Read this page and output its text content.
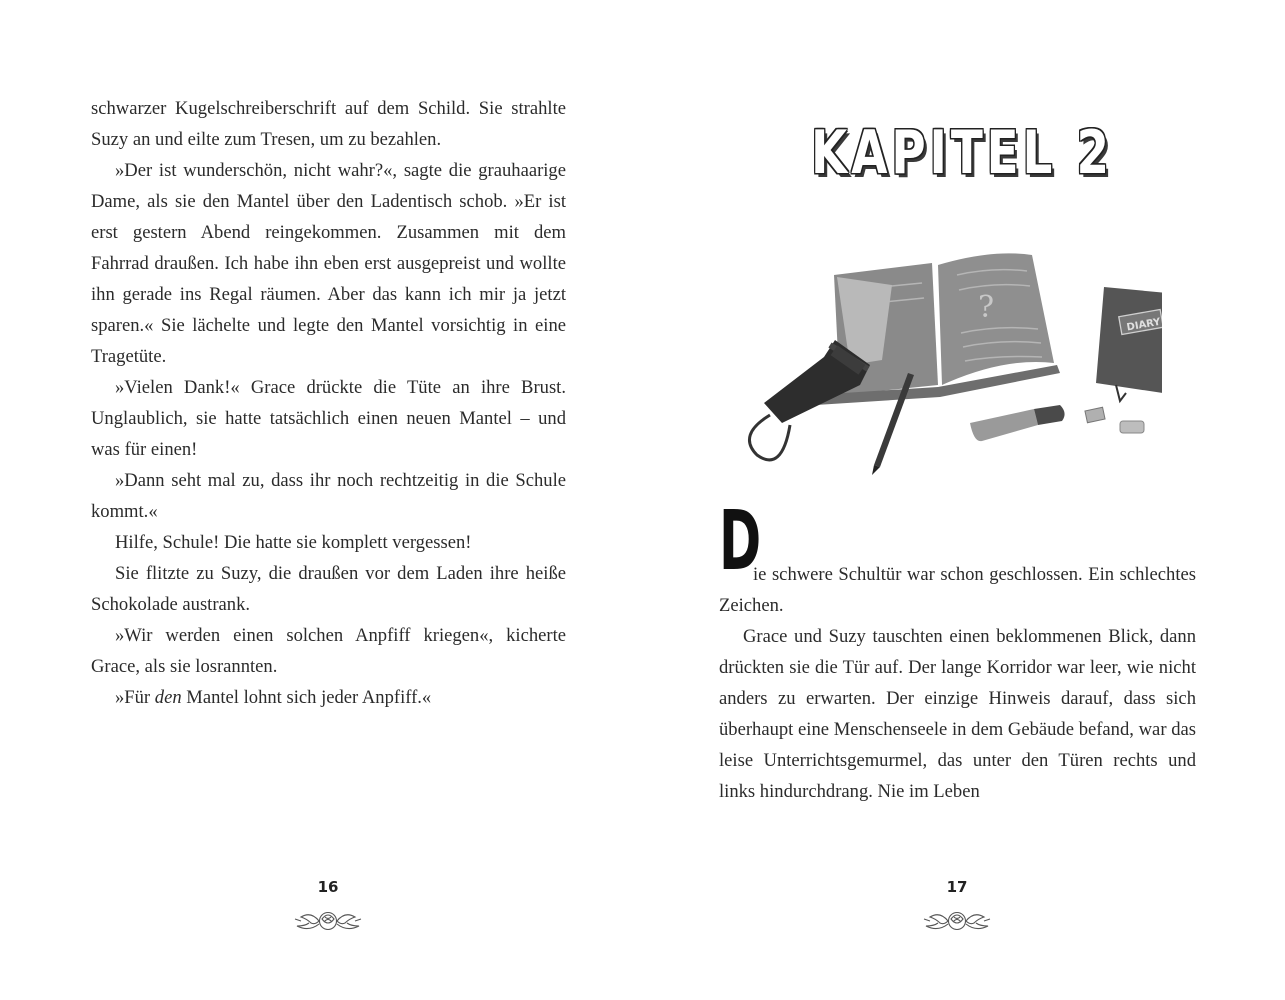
schwarzer Kugelschreiberschrift auf dem Schild. Sie strahlte Suzy an und eilte zum Tresen, um zu bezahlen.

»Der ist wunderschön, nicht wahr?«, sagte die grauhaarige Dame, als sie den Mantel über den Ladentisch schob. »Er ist erst gestern Abend reingekommen. Zusammen mit dem Fahrrad draußen. Ich habe ihn eben erst ausgepreist und wollte ihn gerade ins Regal räumen. Aber das kann ich mir ja jetzt sparen.« Sie lächelte und legte den Mantel vorsichtig in eine Tragetüte.

»Vielen Dank!« Grace drückte die Tüte an ihre Brust. Unglaublich, sie hatte tatsächlich einen neuen Mantel – und was für einen!

»Dann seht mal zu, dass ihr noch rechtzeitig in die Schule kommt.«

Hilfe, Schule! Die hatte sie komplett vergessen!

Sie flitzte zu Suzy, die draußen vor dem Laden ihre heiße Schokolade austrank.

»Wir werden einen solchen Anpfiff kriegen«, kicherte Grace, als sie losrannten.

»Für den Mantel lohnt sich jeder Anpfiff.«

16
KAPITEL 2
?
DIARY

D
ie schwere Schultür war schon geschlossen. Ein schlechtes Zeichen.

Grace und Suzy tauschten einen beklommenen Blick, dann drückten sie die Tür auf. Der lange Korridor war leer, wie nicht anders zu erwarten. Der einzige Hinweis darauf, dass sich überhaupt eine Menschenseele in dem Gebäude befand, war das leise Unterrichtsgemurmel, das unter den Türen rechts und links hindurchdrang. Nie im Leben

17
